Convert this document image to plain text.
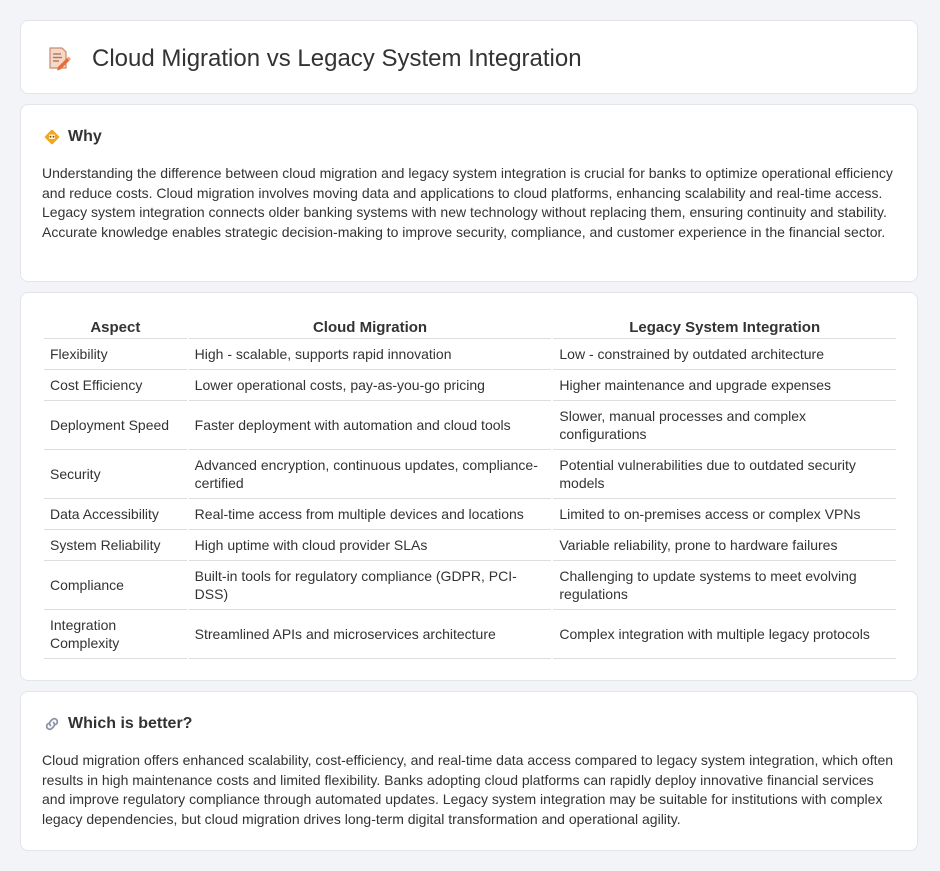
Cloud Migration vs Legacy System Integration
Why

Understanding the difference between cloud migration and legacy system integration is crucial for banks to optimize operational efficiency and reduce costs. Cloud migration involves moving data and applications to cloud platforms, enhancing scalability and real-time access. Legacy system integration connects older banking systems with new technology without replacing them, ensuring continuity and stability. Accurate knowledge enables strategic decision-making to improve security, compliance, and customer experience in the financial sector.

Aspect	Cloud Migration	Legacy System Integration
Flexibility	High - scalable, supports rapid innovation	Low - constrained by outdated architecture
Cost Efficiency	Lower operational costs, pay-as-you-go pricing	Higher maintenance and upgrade expenses
Deployment Speed	Faster deployment with automation and cloud tools	Slower, manual processes and complex configurations
Security	Advanced encryption, continuous updates, compliance-certified	Potential vulnerabilities due to outdated security models
Data Accessibility	Real-time access from multiple devices and locations	Limited to on-premises access or complex VPNs
System Reliability	High uptime with cloud provider SLAs	Variable reliability, prone to hardware failures
Compliance	Built-in tools for regulatory compliance (GDPR, PCI-DSS)	Challenging to update systems to meet evolving regulations
Integration Complexity	Streamlined APIs and microservices architecture	Complex integration with multiple legacy protocols
Which is better?

Cloud migration offers enhanced scalability, cost-efficiency, and real-time data access compared to legacy system integration, which often results in high maintenance costs and limited flexibility. Banks adopting cloud platforms can rapidly deploy innovative financial services and improve regulatory compliance through automated updates. Legacy system integration may be suitable for institutions with complex legacy dependencies, but cloud migration drives long-term digital transformation and operational agility.
